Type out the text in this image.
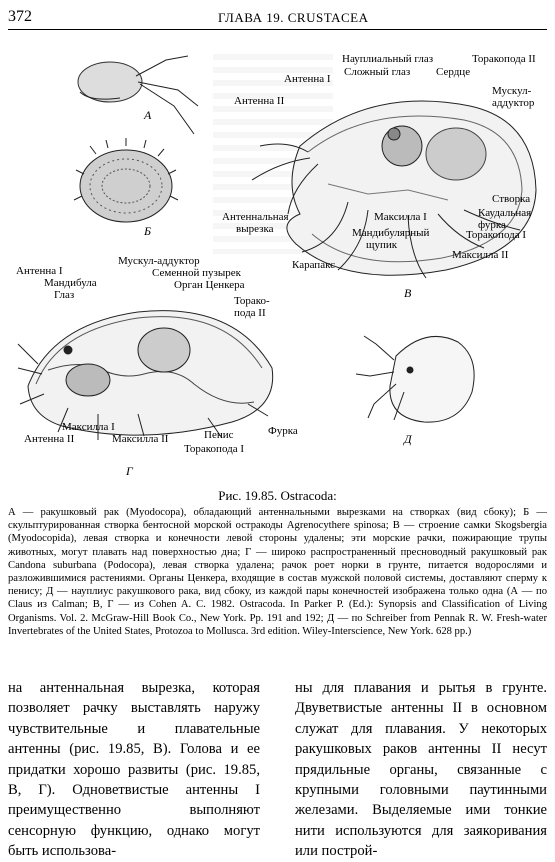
372	ГЛАВА 19. CRUSTACEA
А
Б
В
Г
Д
Науплиальный глаз
Сложный глаз Сердце
Торакопода II
Антенна I
Антенна II
Мускул-
аддуктор
Антеннальная
вырезка
Створка
Каудальная
фурка
Максилла I
Торакопода I
Мандибулярный
щупик
Максилла II
Карапакс
Антенна I
Мандибула
Глаз
Мускул-аддуктор
Семенной пузырек
Орган Ценкера
Торако-
пода II
Максилла I
Антенна II	Максилла II	Пенис	Фурка
Торакопода I
Рис. 19.85. Ostracoda:
А — ракушковый рак (Myodocopa), обладающий антеннальными вырезками на створках (вид сбоку); Б — скульптурированная створка бентосной морской остракоды Agrenocythere spinosa; В — строение самки Skogsbergia (Myodocopida), левая створка и конечности левой стороны удалены; эти морские рачки, пожирающие трупы животных, могут плавать над поверхностью дна; Г — широко распространенный пресноводный ракушковый рак Candona suburbana (Podocopa), левая створка удалена; рачок роет норки в грунте, питается водорослями и разложившимися растениями. Органы Ценкера, входящие в состав мужской половой системы, доставляют сперму к пенису; Д — науплиус ракушкового рака, вид сбоку, из каждой пары конечностей изображена только одна (А — по Claus из Calman; В, Г — из Cohen A. C. 1982. Ostracoda. In Parker P. (Ed.): Synopsis and Classification of Living Organisms. Vol. 2. McGraw-Hill Book Co., New York. Pp. 191 and 192; Д — по Schreiber from Pennak R. W. Fresh-water Invertebrates of the United States, Protozoa to Mollusca. 3rd edition. Wiley-Interscience, New York. 628 pp.)
на антеннальная вырезка, которая позволяет рачку выставлять наружу чувствительные и плавательные антенны (рис. 19.85, В). Голова и ее придатки хорошо развиты (рис. 19.85, В, Г). Одноветвистые антенны I преимущественно выполняют сенсорную функцию, однако могут быть использова-
ны для плавания и рытья в грунте. Двуветвистые антенны II в основном служат для плавания. У некоторых ракушковых раков антенны II несут прядильные органы, связанные с крупными головными паутинными железами. Выделяемые ими тонкие нити используются для заякоривания или построй-
